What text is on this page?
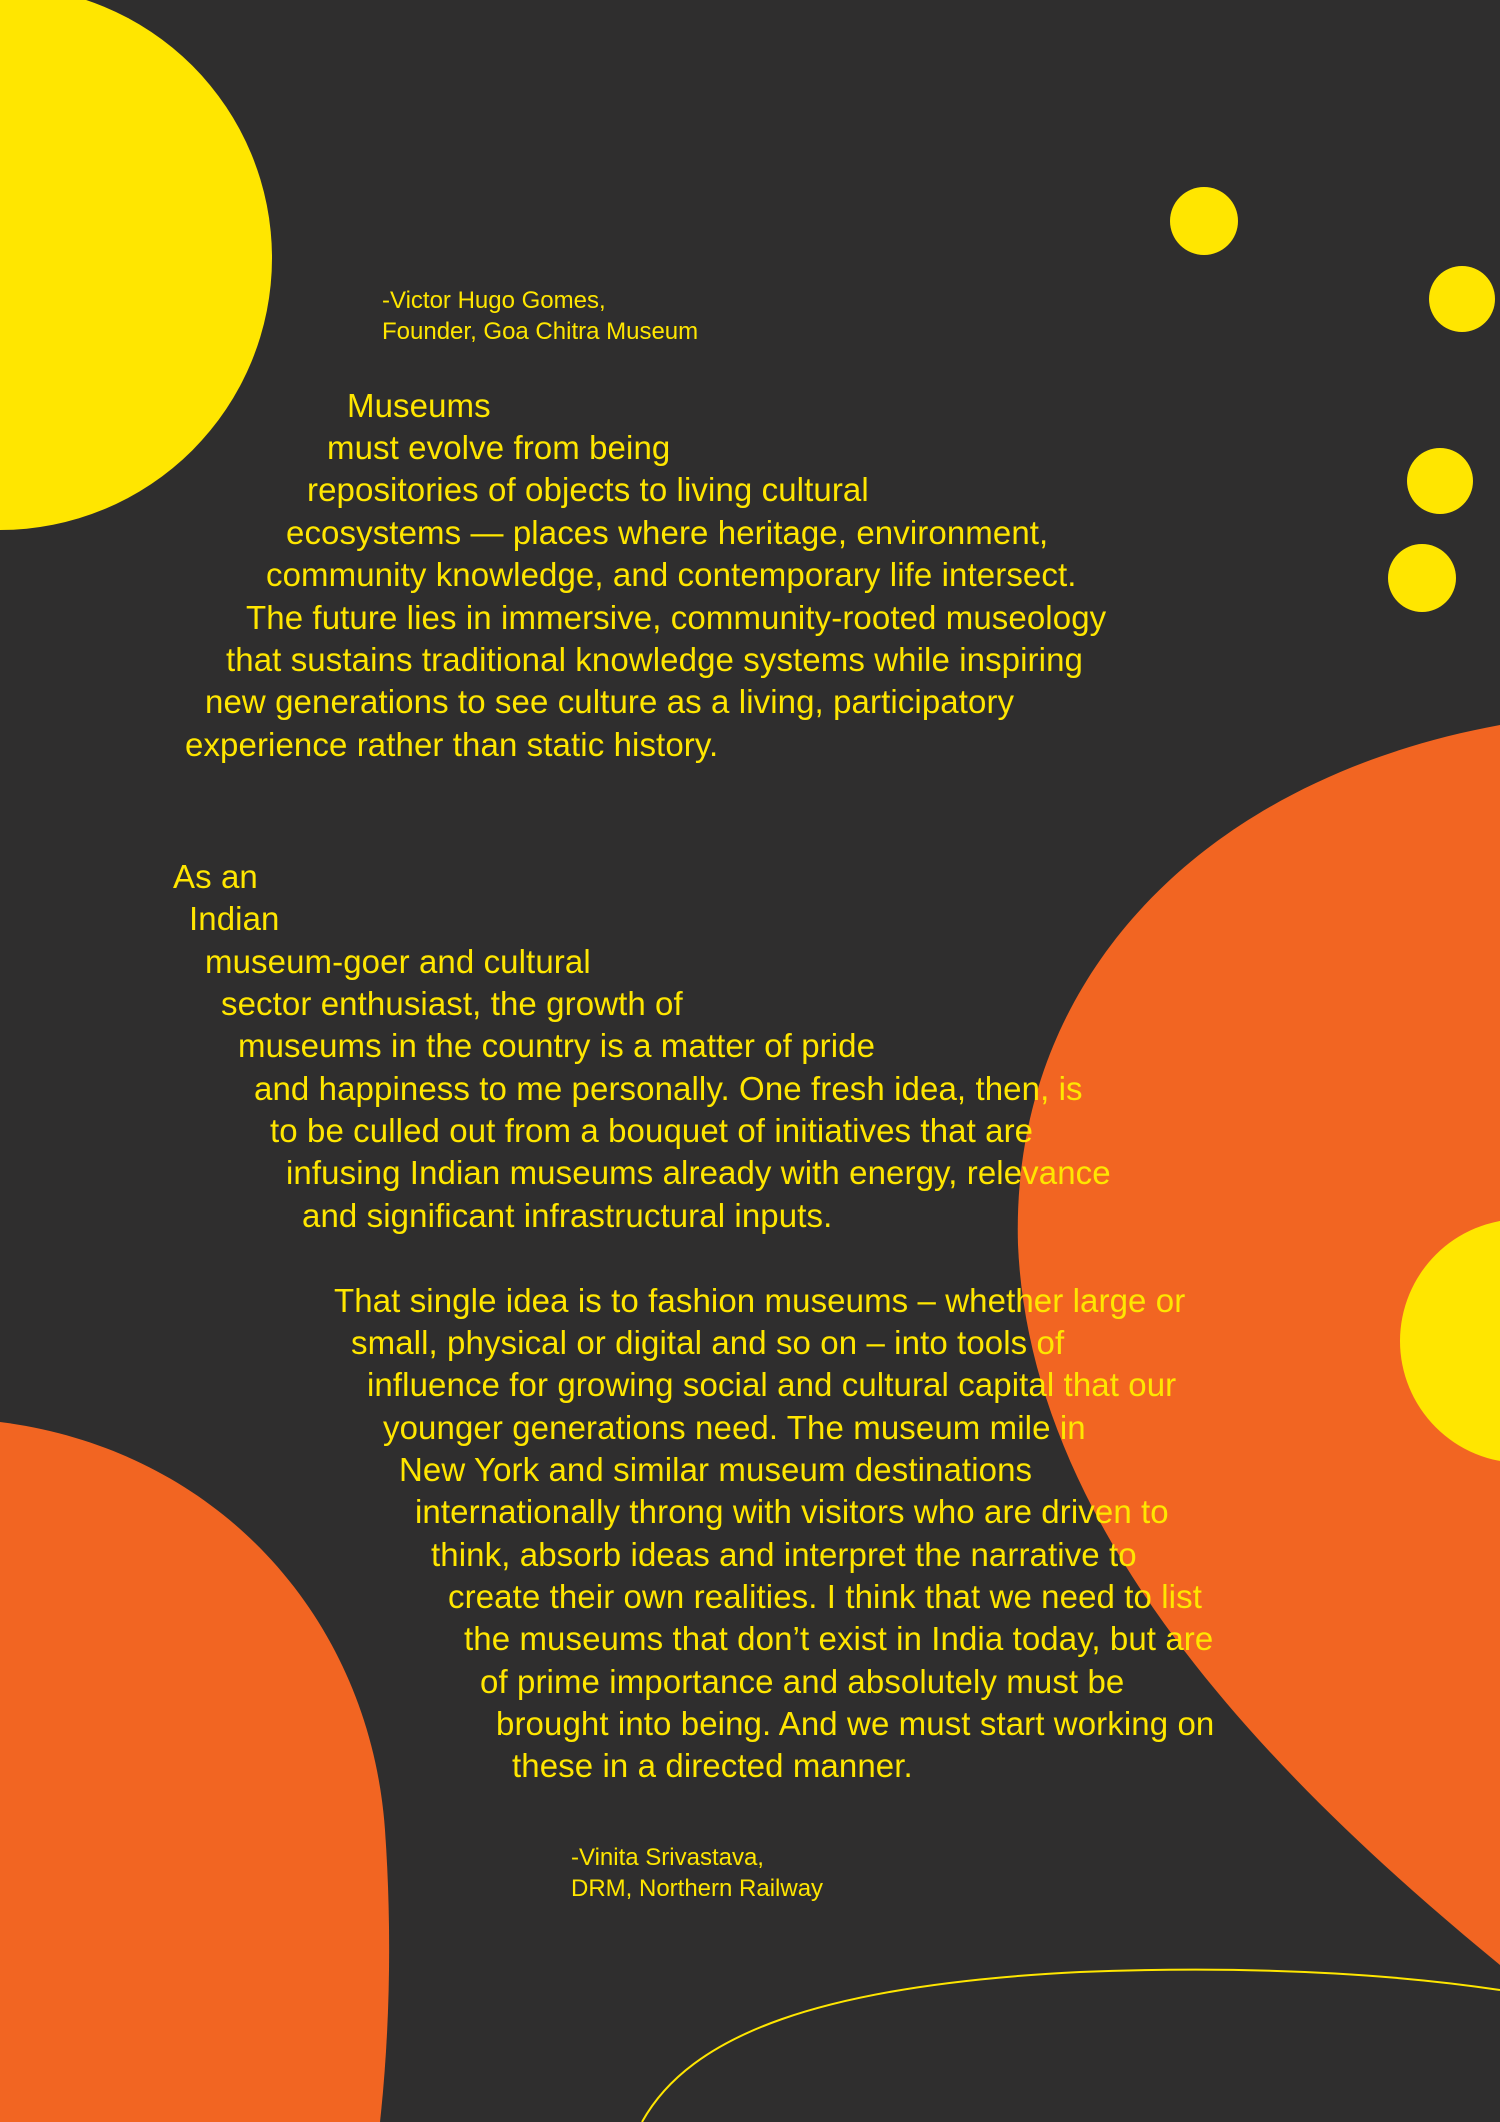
-Victor Hugo Gomes,
Founder, Goa Chitra Museum
Museums
must evolve from being
repositories of objects to living cultural
ecosystems — places where heritage, environment,
community knowledge, and contemporary life intersect.
The future lies in immersive, community-rooted museology
that sustains traditional knowledge systems while inspiring
new generations to see culture as a living, participatory
experience rather than static history.
As an
Indian
museum-goer and cultural
sector enthusiast, the growth of
museums in the country is a matter of pride
and happiness to me personally. One fresh idea, then, is
to be culled out from a bouquet of initiatives that are
infusing Indian museums already with energy, relevance
and significant infrastructural inputs.
That single idea is to fashion museums – whether large or
small, physical or digital and so on – into tools of
influence for growing social and cultural capital that our
younger generations need. The museum mile in
New York and similar museum destinations
internationally throng with visitors who are driven to
think, absorb ideas and interpret the narrative to
create their own realities. I think that we need to list
the museums that don’t exist in India today, but are
of prime importance and absolutely must be
brought into being. And we must start working on
these in a directed manner.
-Vinita Srivastava,
DRM, Northern Railway
